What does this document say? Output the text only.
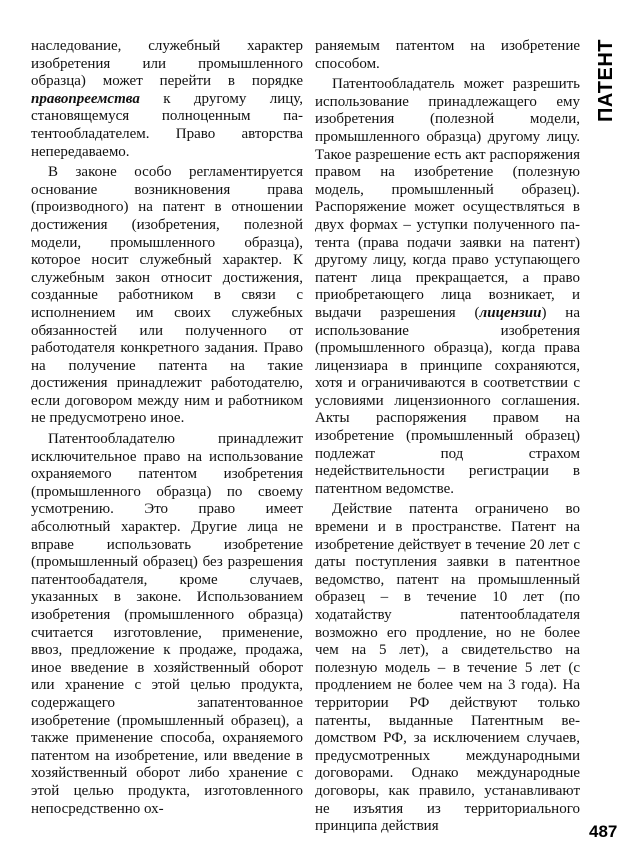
ПАТЕНТ

наследование, служебный характер изобретения или промышленного образца) может перейти в порядке правопреемства к другому лицу, становящемуся полноценным патентообладателем. Право авторства непередаваемо.

В законе особо регламентируется основание возникновения права (производного) на патент в отношении достижения (изобретения, полезной модели, промышленного образца), которое носит служебный характер. К служебным закон относит достижения, созданные работником в связи с исполнением им своих служебных обязанностей или полученного от работодателя конкретного задания. Право на получение патента на такие достижения принадлежит работодателю, если договором между ним и работником не предусмотрено иное.

Патентообладателю принадлежит исключительное право на использование охраняемого патентом изобретения (промышленного образца) по своему усмотрению. Это право имеет абсолютный характер. Другие лица не вправе использовать изобретение (промышленный образец) без разрешения патентообадателя, кроме случаев, указанных в законе. Использованием изобретения (промышленного образца) считается изготовление, применение, ввоз, предложение к продаже, продажа, иное введение в хозяйственный оборот или хранение с этой целью продукта, содержащего запатентованное изобретение (промышленный образец), а также применение способа, охраняемого патентом на изобретение, или введение в хозяйственный оборот либо хранение с этой целью продукта, изготовленного непосредственно ох-

раняемым патентом на изобретение способом.

Патентообладатель может разрешить использование принадлежащего ему изобретения (полезной модели, промышленного образца) другому лицу. Такое разрешение есть акт распоряжения правом на изобретение (полезную модель, промышленный образец). Распоряжение может осуществляться в двух формах – уступки полученного патента (права подачи заявки на патент) другому лицу, когда право уступающего патент лица прекращается, а право приобретающего лица возникает, и выдачи разрешения (лицензии) на использование изобретения (промышленного образца), когда права лицензиара в принципе сохраняются, хотя и ограничиваются в соответствии с условиями лицензионного соглашения. Акты распоряжения правом на изобретение (промышленный образец) подлежат под страхом недействительности регистрации в патентном ведомстве.

Действие патента ограничено во времени и в пространстве. Патент на изобретение действует в течение 20 лет с даты поступления заявки в патентное ведомство, патент на промышленный образец – в течение 10 лет (по ходатайству патентообладателя возможно его продление, но не более чем на 5 лет), а свидетельство на полезную модель – в течение 5 лет (с продлением не более чем на 3 года). На территории РФ действуют только патенты, выданные Патентным ведомством РФ, за исключением случаев, предусмотренных международными договорами. Однако международные договоры, как правило, устанавливают не изъятия из территориального принципа действия	487
